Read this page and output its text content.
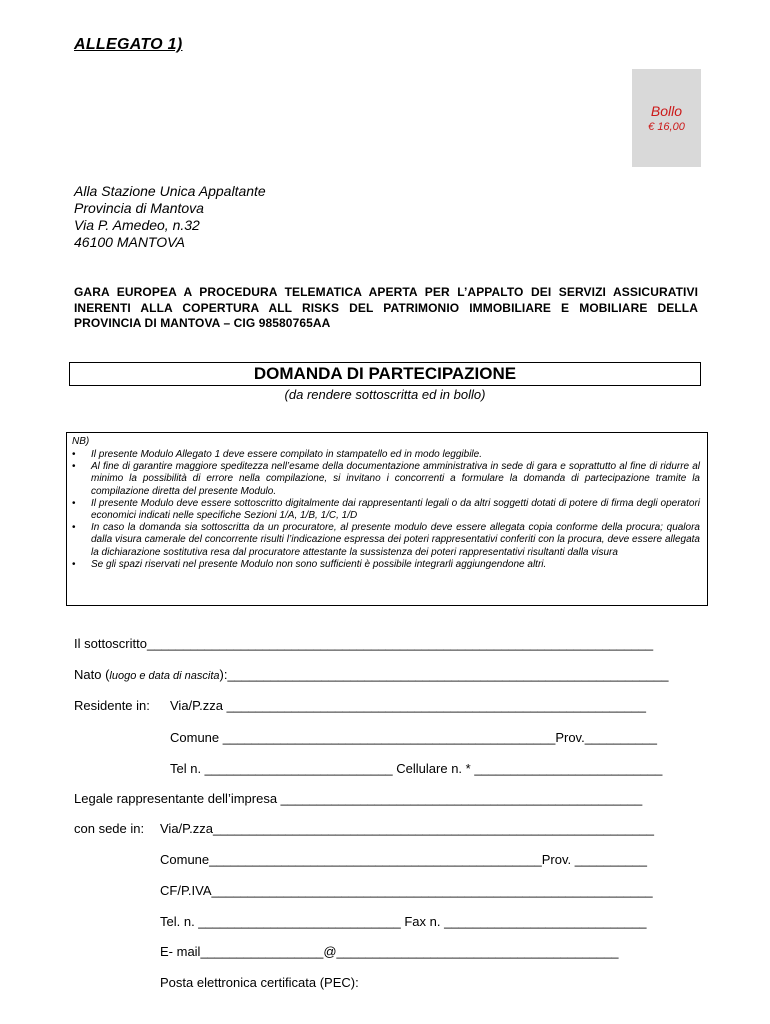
ALLEGATO 1)
Bollo
€ 16,00
Alla Stazione Unica Appaltante
Provincia di Mantova
Via P. Amedeo, n.32
46100 MANTOVA
GARA EUROPEA A PROCEDURA TELEMATICA APERTA PER L’APPALTO DEI SERVIZI ASSICURATIVI INERENTI ALLA COPERTURA ALL RISKS DEL PATRIMONIO IMMOBILIARE E MOBILIARE DELLA PROVINCIA DI MANTOVA – CIG 98580765AA
DOMANDA DI PARTECIPAZIONE
(da rendere sottoscritta ed in bollo)
NB)
• Il presente Modulo Allegato 1 deve essere compilato in stampatello ed in modo leggibile.
• Al fine di garantire maggiore speditezza nell’esame della documentazione amministrativa in sede di gara e soprattutto al fine di ridurre al minimo la possibilità di errore nella compilazione, si invitano i concorrenti a formulare la domanda di partecipazione tramite la compilazione diretta del presente Modulo.
• Il presente Modulo deve essere sottoscritto digitalmente dai rappresentanti legali o da altri soggetti dotati di potere di firma degli operatori economici indicati nelle specifiche Sezioni 1/A, 1/B, 1/C, 1/D
• In caso la domanda sia sottoscritta da un procuratore, al presente modulo deve essere allegata copia conforme della procura; qualora dalla visura camerale del concorrente risulti l’indicazione espressa dei poteri rappresentativi conferiti con la procura, deve essere allegata la dichiarazione sostitutiva resa dal procuratore attestante la sussistenza dei poteri rappresentativi risultanti dalla visura
• Se gli spazi riservati nel presente Modulo non sono sufficienti è possibile integrarli aggiungendone altri.
Il sottoscritto______________________________________________________________________
Nato (luogo e data di nascita):_____________________________________________________________
Residente in: Via/P.zza __________________________________________________________
Comune ______________________________________________Prov.__________
Tel n. __________________________ Cellulare n. * __________________________
Legale rappresentante dell’impresa __________________________________________________
con sede in: Via/P.zza_____________________________________________________________
Comune______________________________________________Prov. __________
CF/P.IVA_____________________________________________________________
Tel. n. ____________________________ Fax n. ____________________________
E- mail_________________@_______________________________________
Posta elettronica certificata (PEC):
